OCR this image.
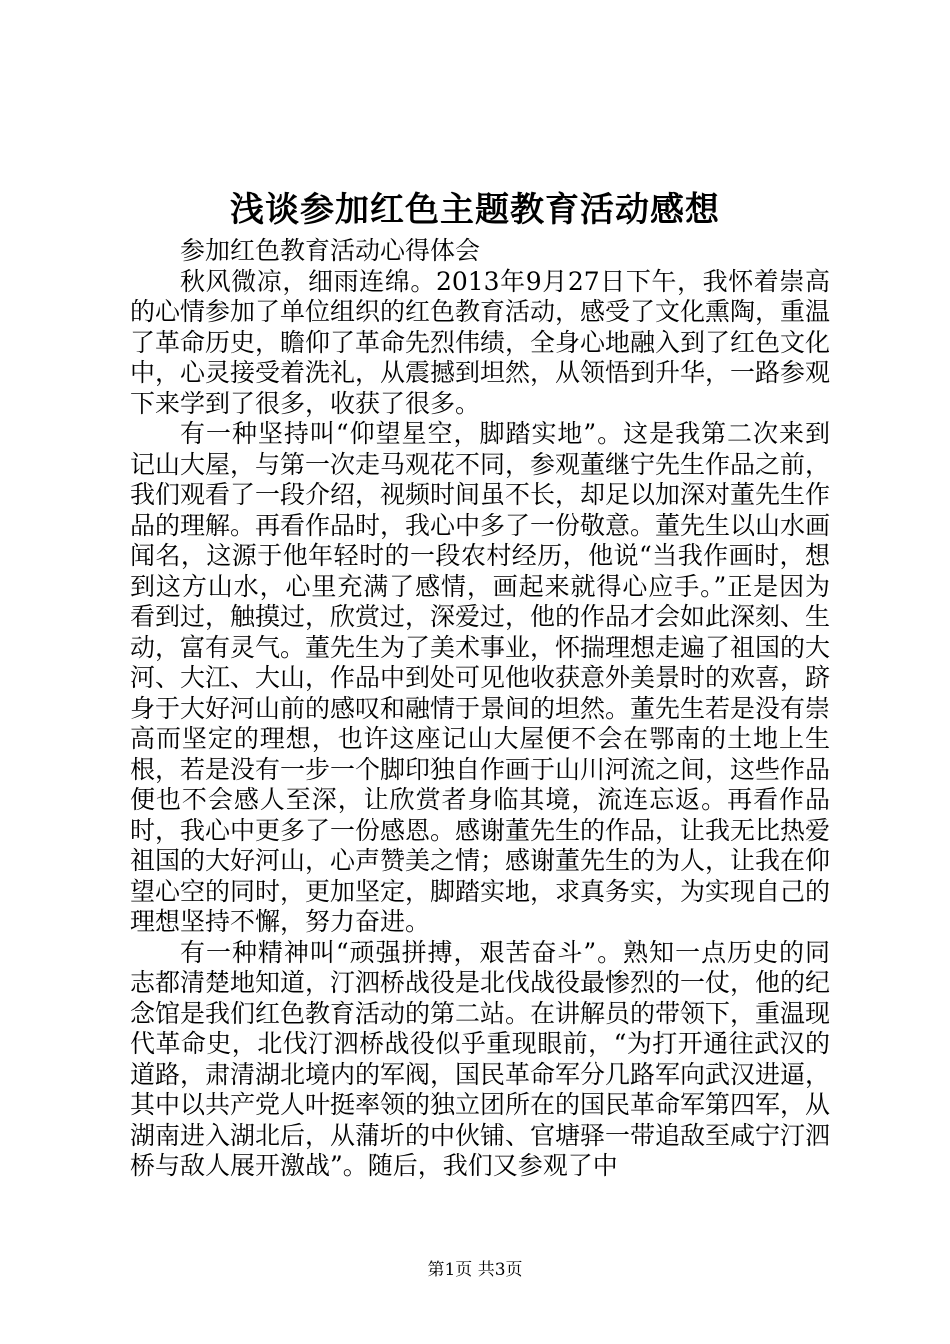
浅谈参加红色主题教育活动感想

参加红色教育活动心得体会

秋风微凉，细雨连绵。2013年9月27日下午，我怀着崇高的心情参加了单位组织的红色教育活动，感受了文化熏陶，重温了革命历史，瞻仰了革命先烈伟绩，全身心地融入到了红色文化中，心灵接受着洗礼，从震撼到坦然，从领悟到升华，一路参观下来学到了很多，收获了很多。

有一种坚持叫“仰望星空，脚踏实地”。这是我第二次来到记山大屋，与第一次走马观花不同，参观董继宁先生作品之前，我们观看了一段介绍，视频时间虽不长，却足以加深对董先生作品的理解。再看作品时，我心中多了一份敬意。董先生以山水画闻名，这源于他年轻时的一段农村经历，他说“当我作画时，想到这方山水，心里充满了感情，画起来就得心应手。”正是因为看到过，触摸过，欣赏过，深爱过，他的作品才会如此深刻、生动，富有灵气。董先生为了美术事业，怀揣理想走遍了祖国的大河、大江、大山，作品中到处可见他收获意外美景时的欢喜，跻身于大好河山前的感叹和融情于景间的坦然。董先生若是没有崇高而坚定的理想，也许这座记山大屋便不会在鄂南的土地上生根，若是没有一步一个脚印独自作画于山川河流之间，这些作品便也不会感人至深，让欣赏者身临其境，流连忘返。再看作品时，我心中更多了一份感恩。感谢董先生的作品，让我无比热爱祖国的大好河山，心声赞美之情；感谢董先生的为人，让我在仰望心空的同时，更加坚定，脚踏实地，求真务实，为实现自己的理想坚持不懈，努力奋进。

有一种精神叫“顽强拼搏，艰苦奋斗”。熟知一点历史的同志都清楚地知道，汀泗桥战役是北伐战役最惨烈的一仗，他的纪念馆是我们红色教育活动的第二站。在讲解员的带领下，重温现代革命史，北伐汀泗桥战役似乎重现眼前，“为打开通往武汉的道路，肃清湖北境内的军阀，国民革命军分几路军向武汉进逼，其中以共产党人叶挺率领的独立团所在的国民革命军第四军，从湖南进入湖北后，从蒲圻的中伙铺、官塘驿一带追敌至咸宁汀泗桥与敌人展开激战”。随后，我们又参观了中

第1页 共3页
